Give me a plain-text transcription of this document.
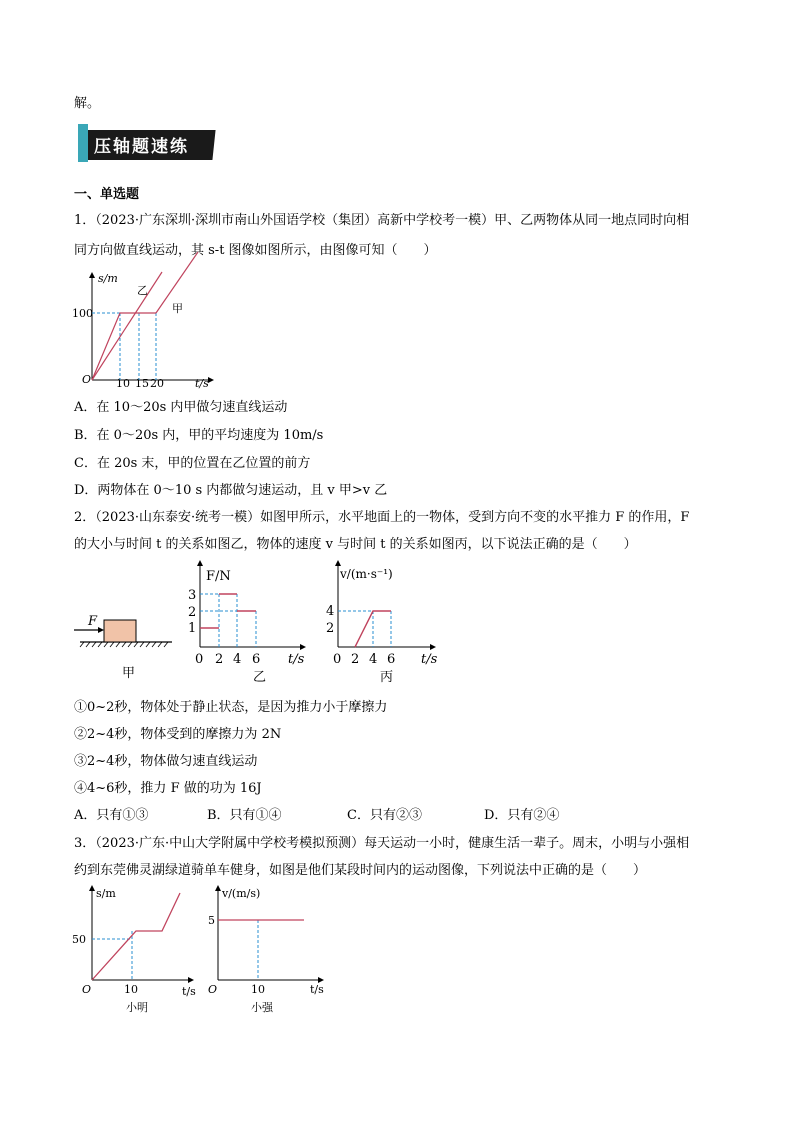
解。
压轴题速练
一、单选题
1．（2023·广东深圳·深圳市南山外国语学校（集团）高新中学校考一模）甲、乙两物体从同一地点同时向相
同方向做直线运动，其 s-t 图像如图所示，由图像可知（　　）
s/m
t/s
O
100
10 15 20
乙
甲
A．在 10～20s 内甲做匀速直线运动
B．在 0～20s 内，甲的平均速度为 10m/s
C．在 20s 末，甲的位置在乙位置的前方
D．两物体在 0～10 s 内都做匀速运动，且 v 甲>v 乙
2．（2023·山东泰安·统考一模）如图甲所示，水平地面上的一物体，受到方向不变的水平推力 F 的作用，F
的大小与时间 t 的关系如图乙，物体的速度 v 与时间 t 的关系如图丙，以下说法正确的是（　　）
F
甲
F/N
t/s
1
2
3
0 2 4 6
乙
v/(m·s⁻¹)
t/s
2
4
0 2 4 6
丙
①0~2秒，物体处于静止状态，是因为推力小于摩擦力
②2~4秒，物体受到的摩擦力为 2N
③2~4秒，物体做匀速直线运动
④4~6秒，推力 F 做的功为 16J
A．只有①③	B．只有①④	C．只有②③	D．只有②④
3．（2023·广东·中山大学附属中学校考模拟预测）每天运动一小时，健康生活一辈子。周末，小明与小强相
约到东莞佛灵湖绿道骑单车健身，如图是他们某段时间内的运动图像，下列说法中正确的是（　　）
s/m
t/s
O
50
10
小明
v/(m/s)
t/s
O
5
10
小强
